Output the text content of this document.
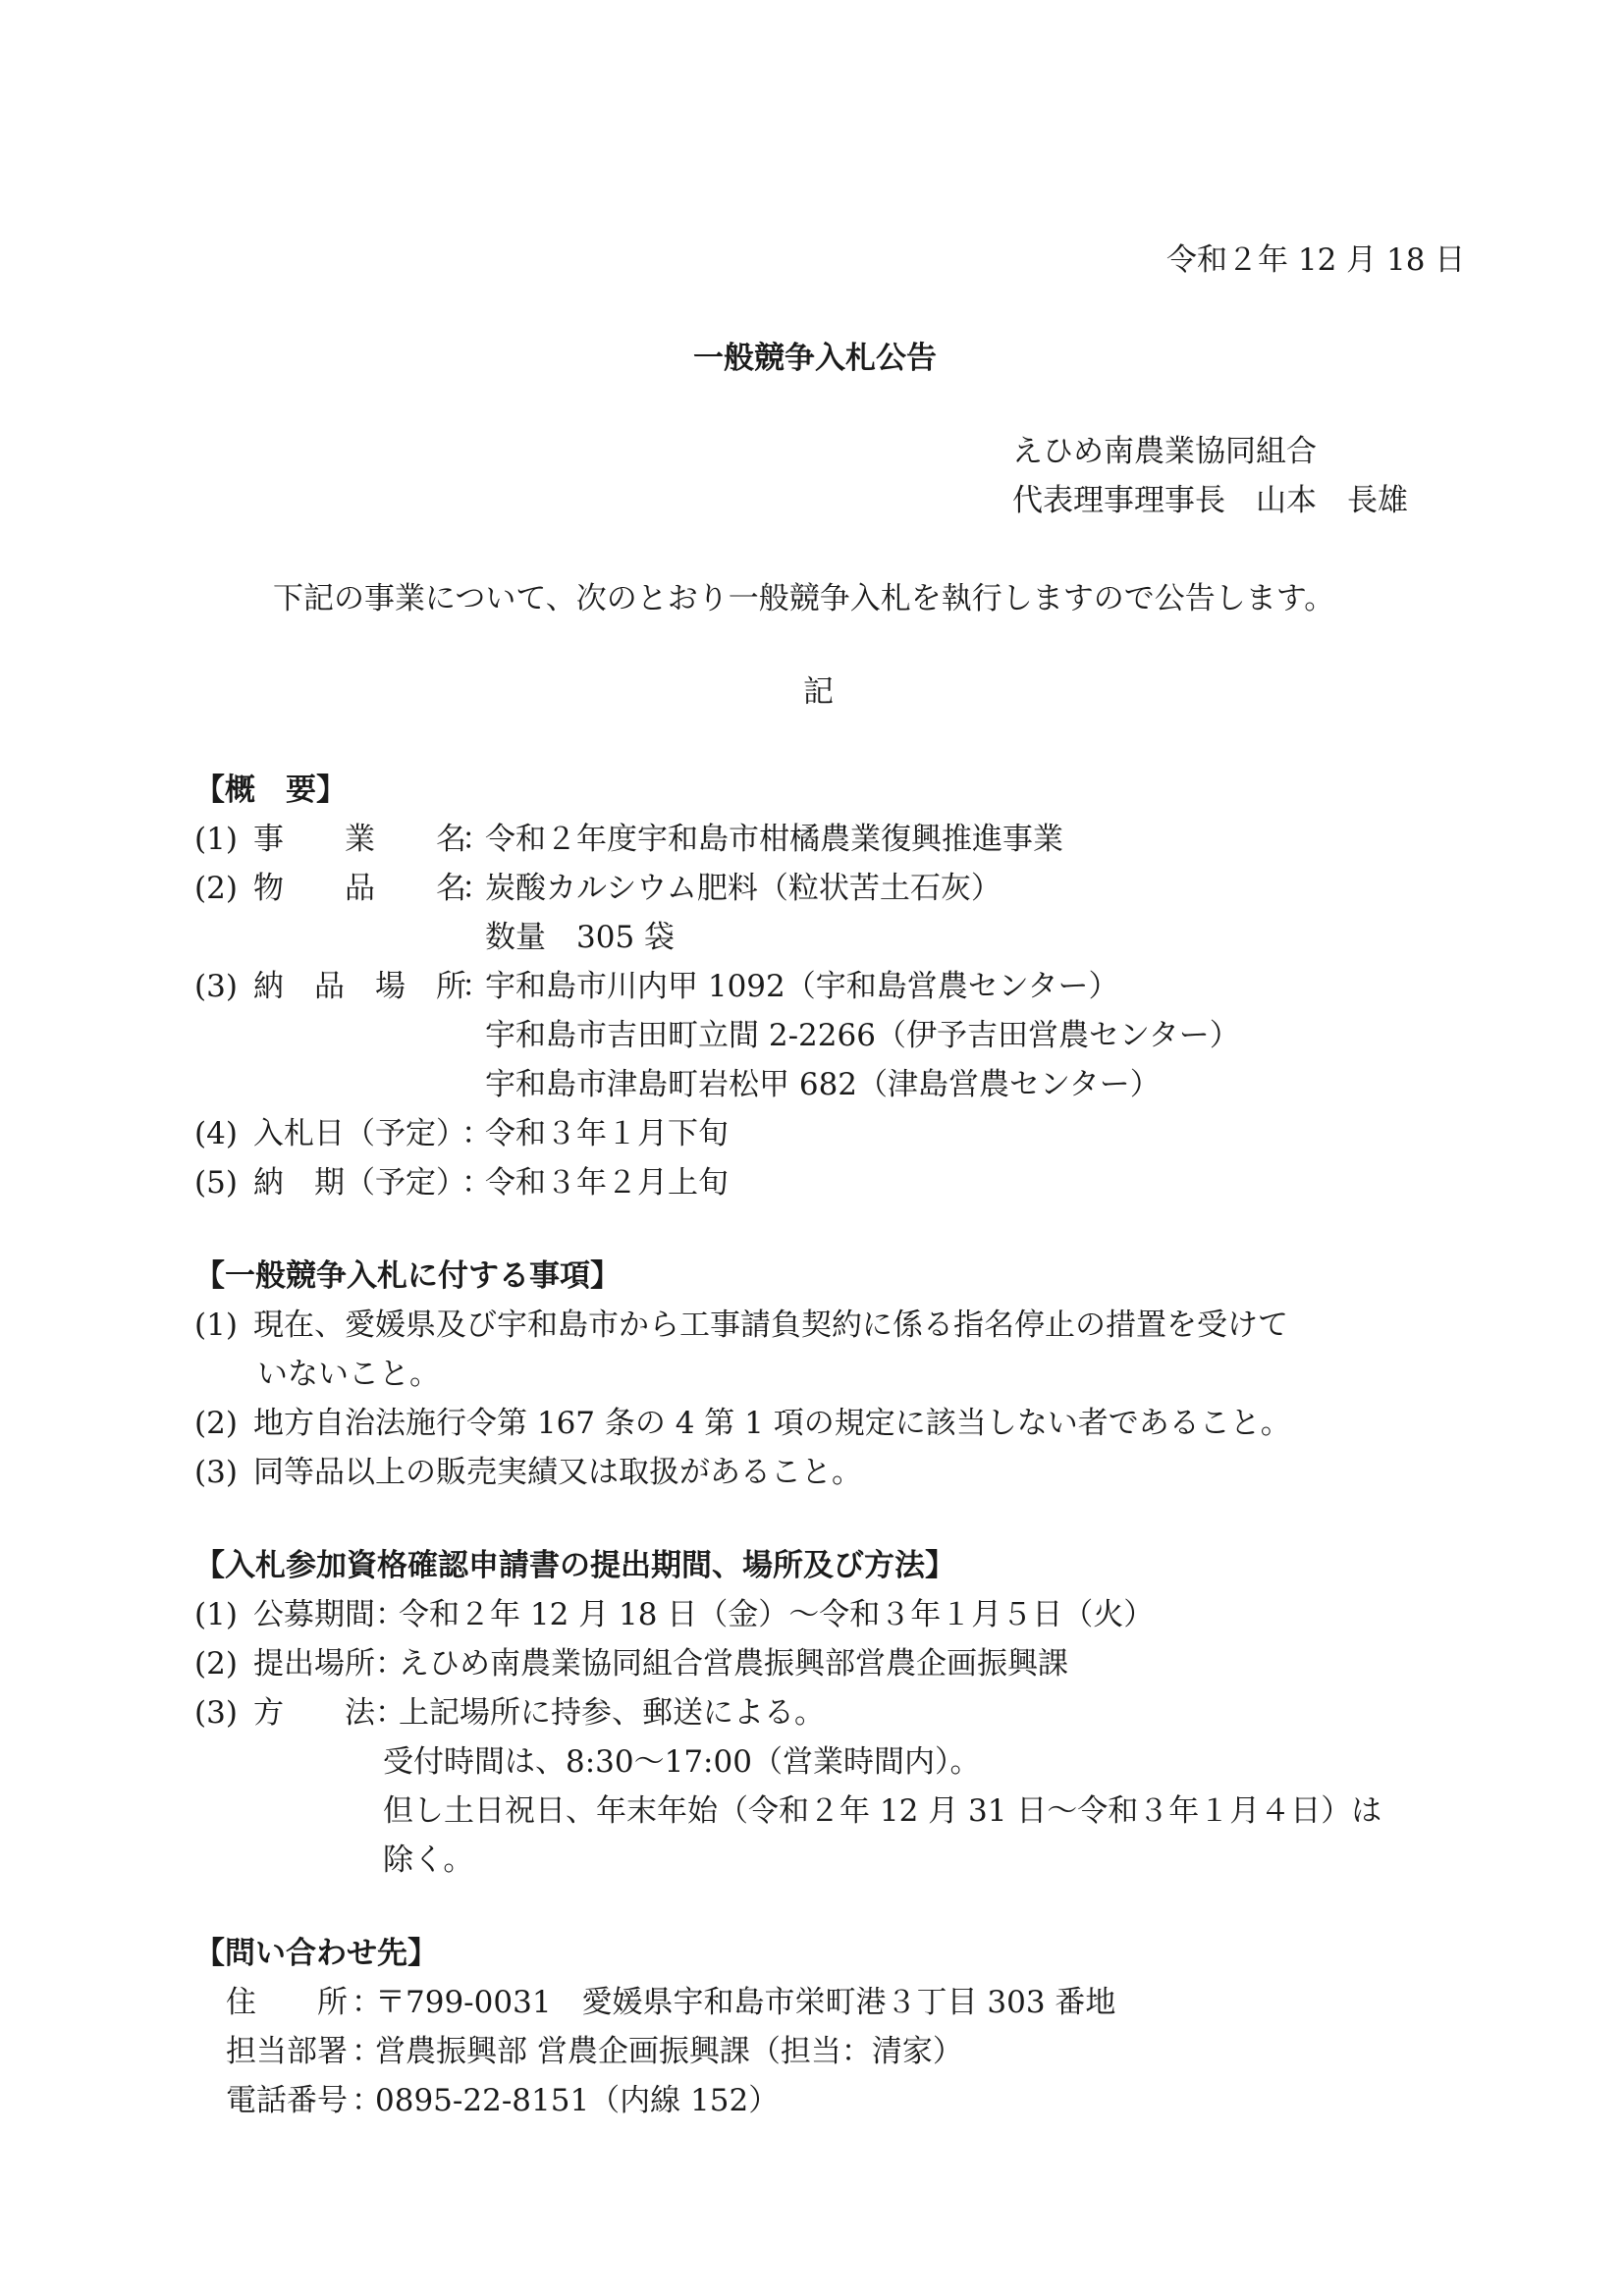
令和２年 12 月 18 日
一般競争入札公告
えひめ南農業協同組合
代表理事理事長　山本　長雄
下記の事業について、次のとおり一般競争入札を執行しますので公告します。
記
【概　要】
(1) 事　　業　　名
：
令和２年度宇和島市柑橘農業復興推進事業
(2) 物　　品　　名
：
炭酸カルシウム肥料（粒状苦土石灰）
数量　305 袋
(3) 納　品　場　所
：
宇和島市川内甲 1092（宇和島営農センター）
宇和島市吉田町立間 2-2266（伊予吉田営農センター）
宇和島市津島町岩松甲 682（津島営農センター）
(4) 入札日（予定）
：
令和３年１月下旬
(5) 納　期（予定）
：
令和３年２月上旬
【一般競争入札に付する事項】
(1) 現在、愛媛県及び宇和島市から工事請負契約に係る指名停止の措置を受けて
いないこと。
(2) 地方自治法施行令第 167 条の 4 第 1 項の規定に該当しない者であること。
(3) 同等品以上の販売実績又は取扱があること。
【入札参加資格確認申請書の提出期間、場所及び方法】
(1) 公募期間 ：
令和２年 12 月 18 日（金）～令和３年１月５日（火）
(2) 提出場所 ：
えひめ南農業協同組合営農振興部営農企画振興課
(3) 方　　法 ：
上記場所に持参、郵送による。
受付時間は、8:30～17:00（営業時間内）。
但し土日祝日、年末年始（令和２年 12 月 31 日～令和３年１月４日）は
除く。
【問い合わせ先】
住　　所 ：
〒799-0031　愛媛県宇和島市栄町港３丁目 303 番地
担当部署 ：
営農振興部 営農企画振興課（担当：清家）
電話番号 ：
0895-22-8151（内線 152）
